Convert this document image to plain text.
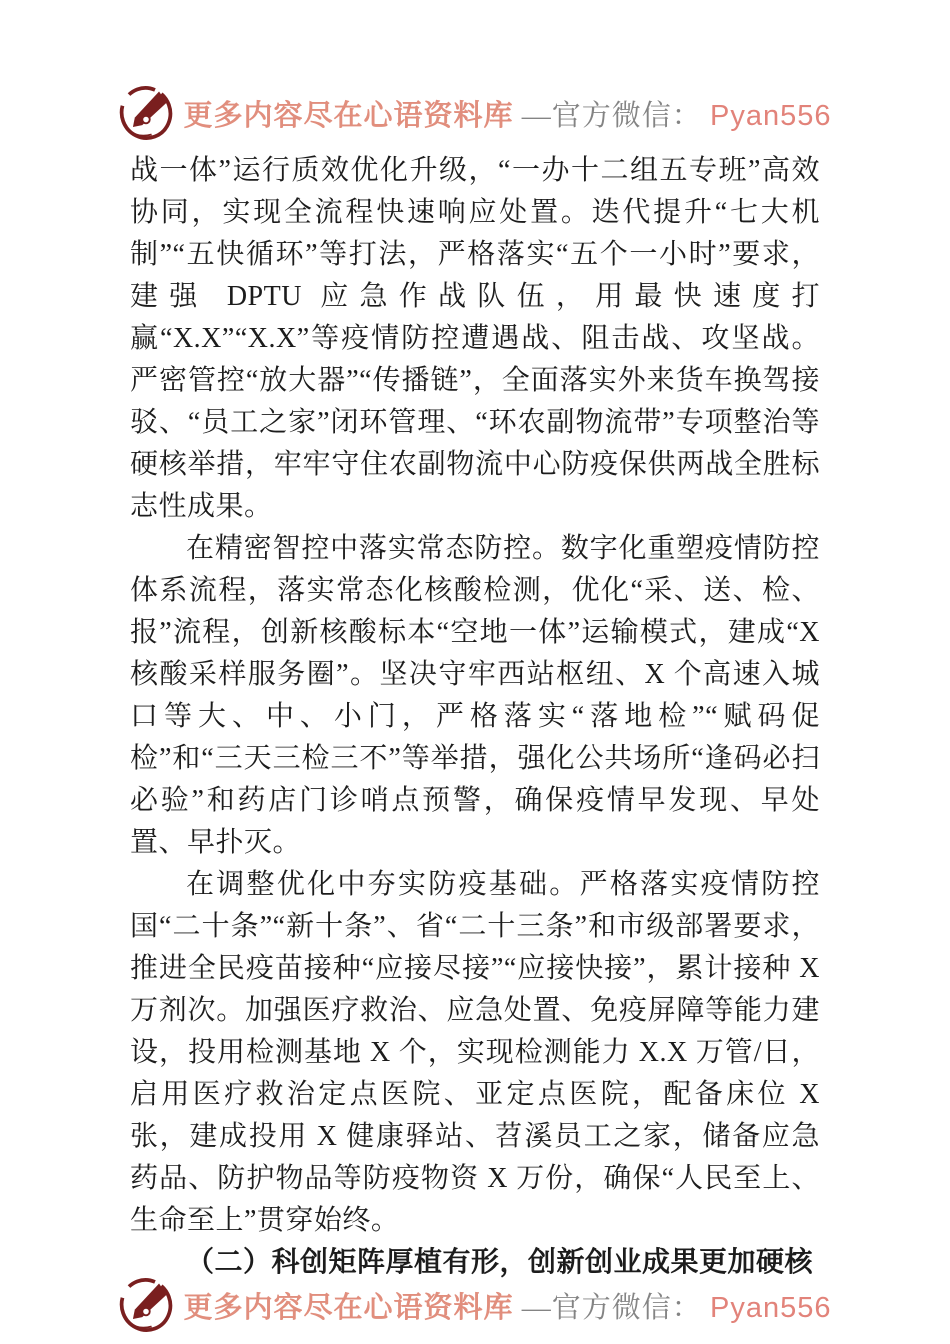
更多内容尽在心语资料库 —官方微信： Pyan556

战一体”运行质效优化升级，“一办十二组五专班”高效协同，实现全流程快速响应处置。迭代提升“七大机制”“五快循环”等打法，严格落实“五个一小时”要求，建强 DPTU 应急作战队伍，用最快速度打赢“X.X”“X.X”等疫情防控遭遇战、阻击战、攻坚战。严密管控“放大器”“传播链”，全面落实外来货车换驾接驳、“员工之家”闭环管理、“环农副物流带”专项整治等硬核举措，牢牢守住农副物流中心防疫保供两战全胜标志性成果。

在精密智控中落实常态防控。数字化重塑疫情防控体系流程，落实常态化核酸检测，优化“采、送、检、报”流程，创新核酸标本“空地一体”运输模式，建成“X 核酸采样服务圈”。坚决守牢西站枢纽、X 个高速入城口等大、中、小门，严格落实“落地检”“赋码促检”和“三天三检三不”等举措，强化公共场所“逢码必扫必验”和药店门诊哨点预警，确保疫情早发现、早处置、早扑灭。

在调整优化中夯实防疫基础。严格落实疫情防控国“二十条”“新十条”、省“二十三条”和市级部署要求，推进全民疫苗接种“应接尽接”“应接快接”，累计接种 X 万剂次。加强医疗救治、应急处置、免疫屏障等能力建设，投用检测基地 X 个，实现检测能力 X.X 万管/日，启用医疗救治定点医院、亚定点医院，配备床位 X 张，建成投用 X 健康驿站、苕溪员工之家，储备应急药品、防护物品等防疫物资 X 万份，确保“人民至上、生命至上”贯穿始终。

（二）科创矩阵厚植有形，创新创业成果更加硬核

更多内容尽在心语资料库 —官方微信： Pyan556
